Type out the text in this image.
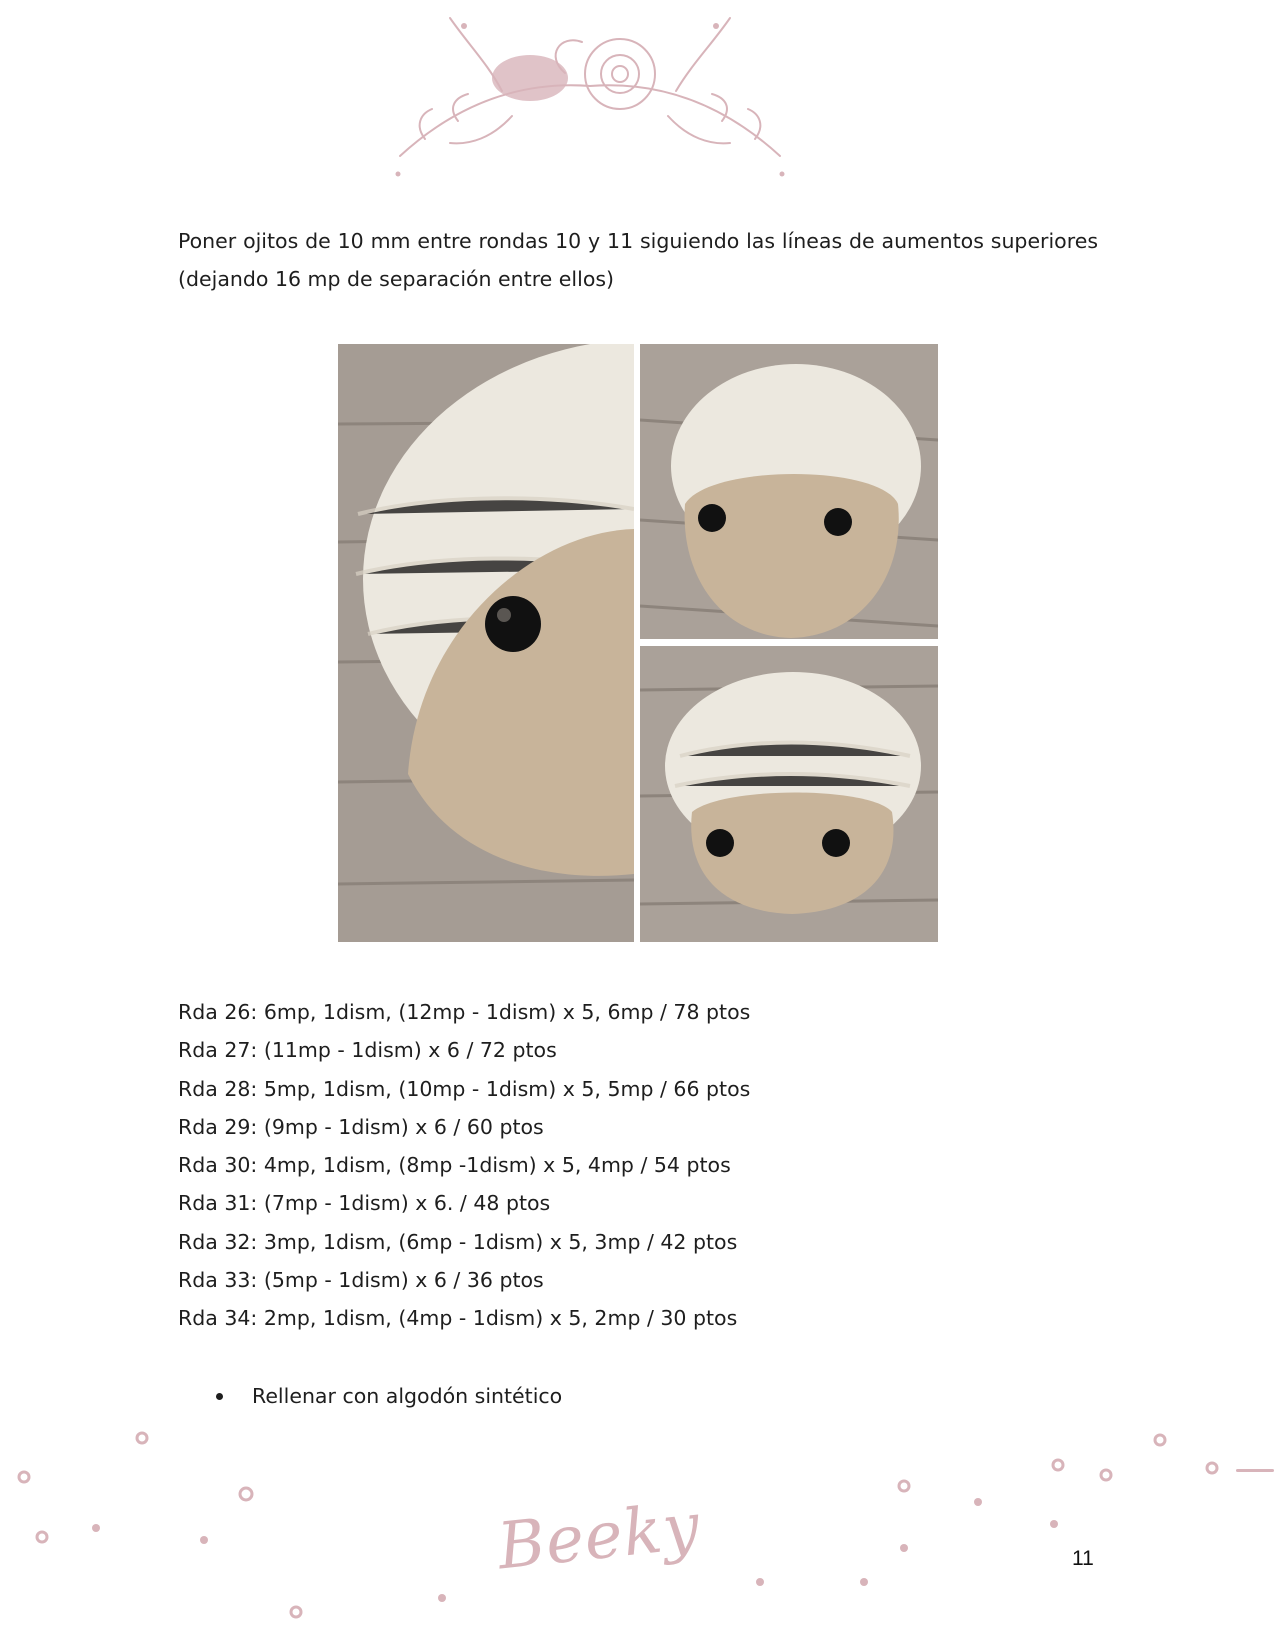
Poner ojitos de 10 mm entre rondas 10 y 11 siguiendo las líneas de aumentos superiores (dejando 16 mp de separación entre ellos)
Rda 26: 6mp, 1dism, (12mp - 1dism) x 5, 6mp / 78 ptos
Rda 27: (11mp - 1dism) x 6 / 72 ptos
Rda 28: 5mp, 1dism, (10mp - 1dism) x 5, 5mp / 66 ptos
Rda 29: (9mp - 1dism) x 6 / 60 ptos
Rda 30: 4mp, 1dism, (8mp -1dism) x 5, 4mp / 54 ptos
Rda 31: (7mp - 1dism) x 6. / 48 ptos
Rda 32: 3mp, 1dism, (6mp - 1dism) x 5, 3mp / 42 ptos
Rda 33: (5mp - 1dism) x 6 / 36 ptos
Rda 34: 2mp, 1dism, (4mp - 1dism) x 5, 2mp / 30 ptos
Rellenar con algodón sintético
Beeky	11
